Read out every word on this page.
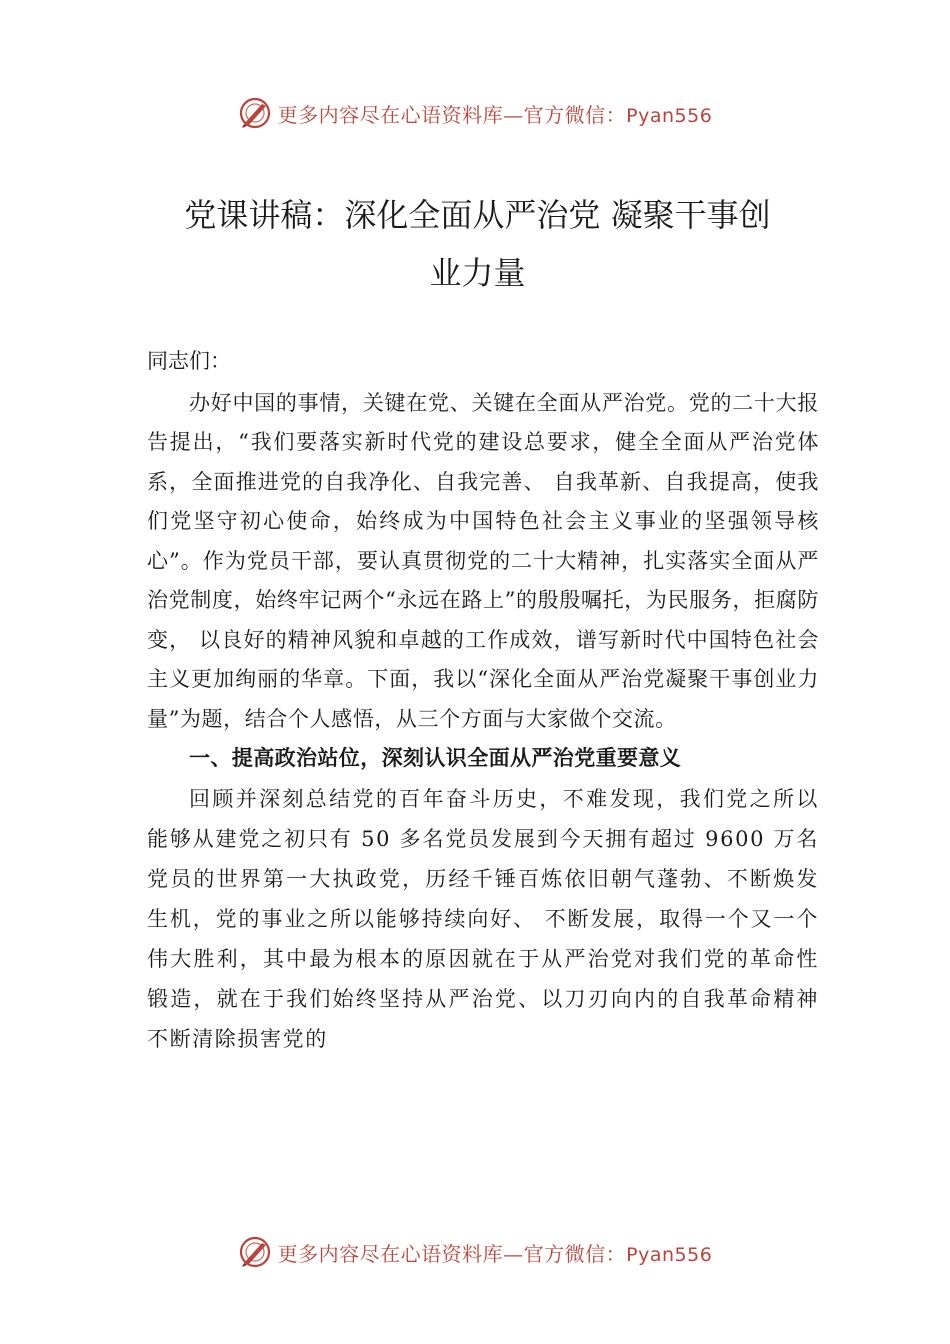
更多内容尽在心语资料库—官方微信：Pyan556
党课讲稿：深化全面从严治党 凝聚干事创
业力量

同志们：

办好中国的事情，关键在党、关键在全面从严治党。党的二十大报告提出，“我们要落实新时代党的建设总要求，健全全面从严治党体系，全面推进党的自我净化、自我完善、 自我革新、自我提高，使我们党坚守初心使命，始终成为中国特色社会主义事业的坚强领导核心”。作为党员干部，要认真贯彻党的二十大精神，扎实落实全面从严治党制度，始终牢记两个“永远在路上”的殷殷嘱托，为民服务，拒腐防变， 以良好的精神风貌和卓越的工作成效，谱写新时代中国特色社会主义更加绚丽的华章。下面，我以“深化全面从严治党凝聚干事创业力量”为题，结合个人感悟，从三个方面与大家做个交流。

一、提高政治站位，深刻认识全面从严治党重要意义

回顾并深刻总结党的百年奋斗历史，不难发现，我们党之所以能够从建党之初只有 50 多名党员发展到今天拥有超过 9600 万名党员的世界第一大执政党，历经千锤百炼依旧朝气蓬勃、不断焕发生机，党的事业之所以能够持续向好、 不断发展，取得一个又一个伟大胜利，其中最为根本的原因就在于从严治党对我们党的革命性锻造，就在于我们始终坚持从严治党、以刀刃向内的自我革命精神不断清除损害党的

更多内容尽在心语资料库—官方微信：Pyan556
